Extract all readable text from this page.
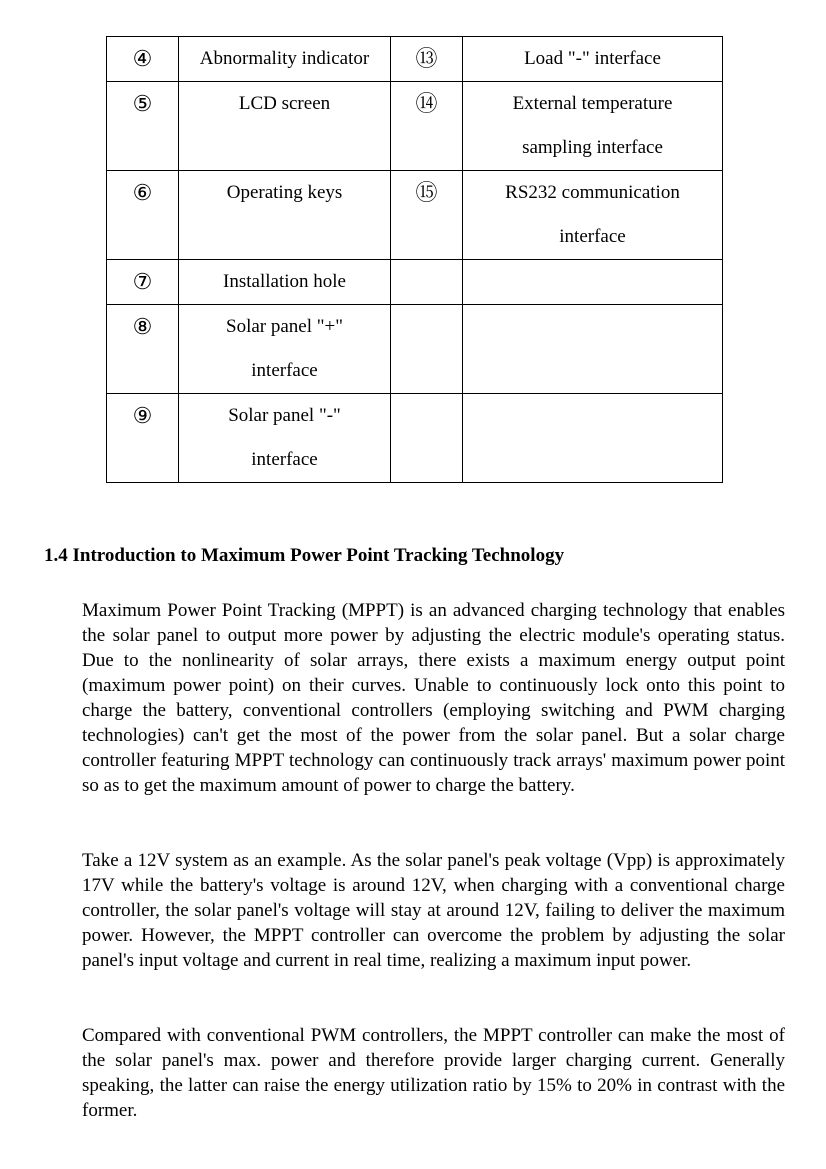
④	Abnormality indicator	⑬	Load "-" interface
⑤	LCD screen	⑭	External temperature sampling interface
⑥	Operating keys	⑮	RS232 communication interface
⑦	Installation hole		
⑧	Solar panel "+" interface		
⑨	Solar panel "-" interface		
1.4 Introduction to Maximum Power Point Tracking Technology

Maximum Power Point Tracking (MPPT) is an advanced charging technology that enables the solar panel to output more power by adjusting the electric module's operating status. Due to the nonlinearity of solar arrays, there exists a maximum energy output point (maximum power point) on their curves. Unable to continuously lock onto this point to charge the battery, conventional controllers (employing switching and PWM charging technologies) can't get the most of the power from the solar panel. But a solar charge controller featuring MPPT technology can continuously track arrays' maximum power point so as to get the maximum amount of power to charge the battery.

Take a 12V system as an example. As the solar panel's peak voltage (Vpp) is approximately 17V while the battery's voltage is around 12V, when charging with a conventional charge controller, the solar panel's voltage will stay at around 12V, failing to deliver the maximum power. However, the MPPT controller can overcome the problem by adjusting the solar panel's input voltage and current in real time, realizing a maximum input power.

Compared with conventional PWM controllers, the MPPT controller can make the most of the solar panel's max. power and therefore provide larger charging current. Generally speaking, the latter can raise the energy utilization ratio by 15% to 20% in contrast with the former.
